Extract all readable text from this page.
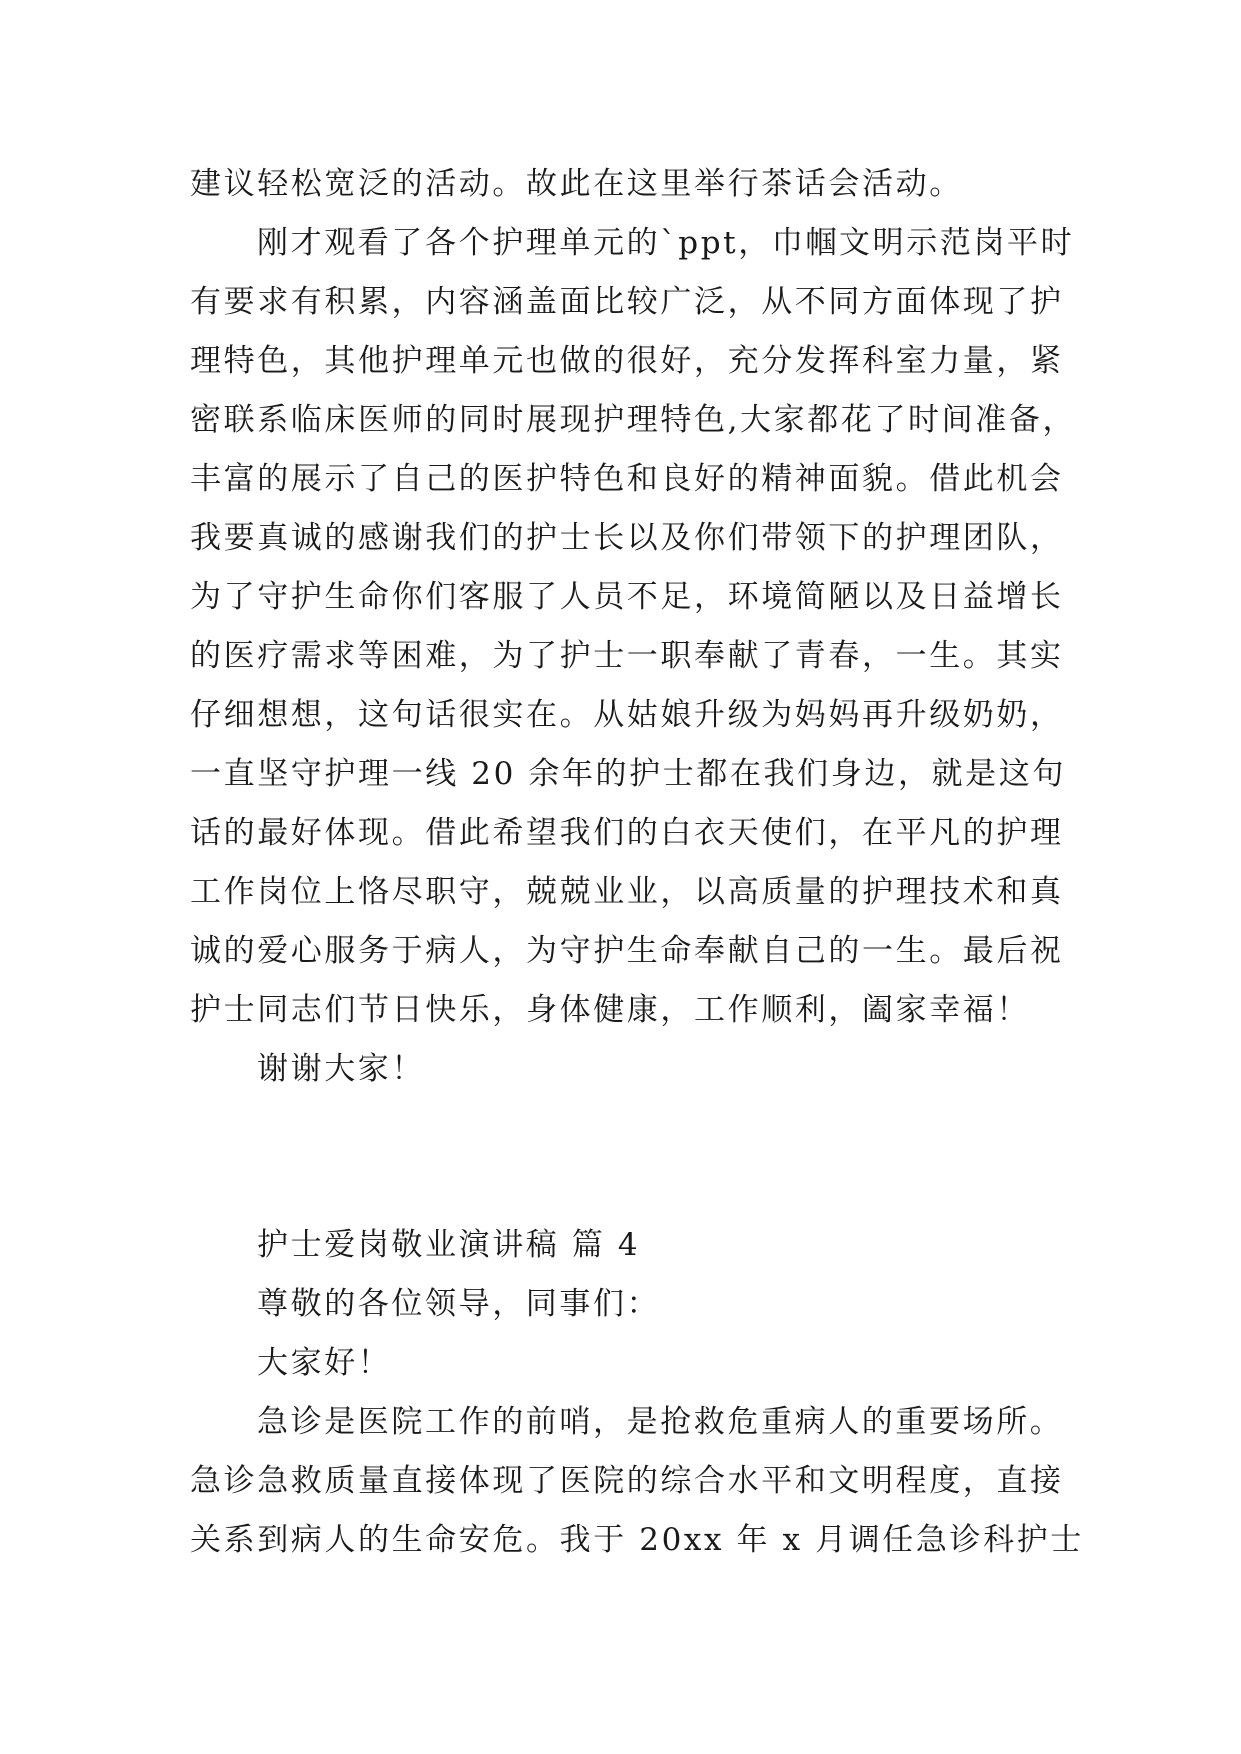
建议轻松宽泛的活动。故此在这里举行茶话会活动。
刚才观看了各个护理单元的`ppt，巾帼文明示范岗平时
有要求有积累，内容涵盖面比较广泛，从不同方面体现了护
理特色，其他护理单元也做的很好，充分发挥科室力量，紧
密联系临床医师的同时展现护理特色,大家都花了时间准备，
丰富的展示了自己的医护特色和良好的精神面貌。借此机会
我要真诚的感谢我们的护士长以及你们带领下的护理团队，
为了守护生命你们客服了人员不足，环境简陋以及日益增长
的医疗需求等困难，为了护士一职奉献了青春，一生。其实
仔细想想，这句话很实在。从姑娘升级为妈妈再升级奶奶，
一直坚守护理一线 20 余年的护士都在我们身边，就是这句
话的最好体现。借此希望我们的白衣天使们，在平凡的护理
工作岗位上恪尽职守，兢兢业业，以高质量的护理技术和真
诚的爱心服务于病人，为守护生命奉献自己的一生。最后祝
护士同志们节日快乐，身体健康，工作顺利，阖家幸福！
谢谢大家！
护士爱岗敬业演讲稿 篇 4
尊敬的各位领导，同事们：
大家好！
急诊是医院工作的前哨，是抢救危重病人的重要场所。
急诊急救质量直接体现了医院的综合水平和文明程度，直接
关系到病人的生命安危。我于 20xx 年 x 月调任急诊科护士
